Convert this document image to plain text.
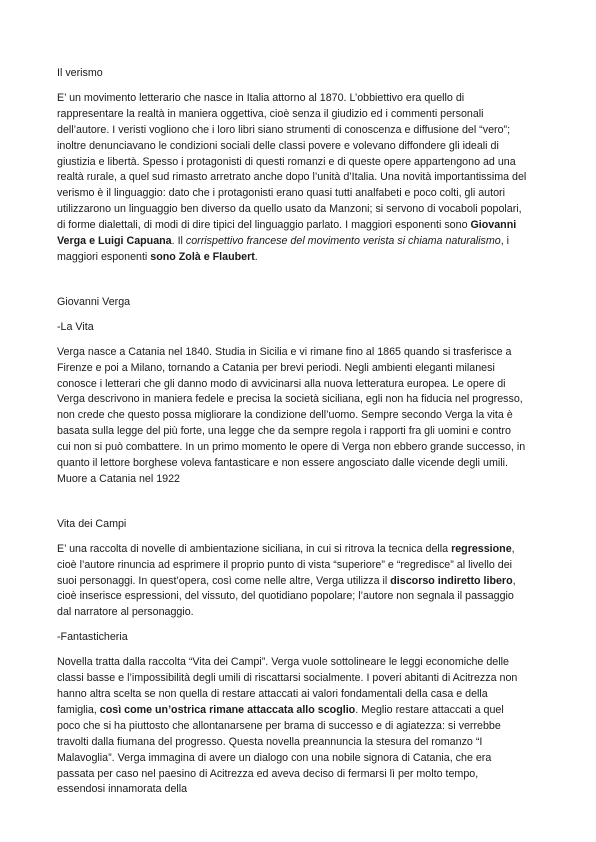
Il verismo

E’ un movimento letterario che nasce in Italia attorno al 1870. L’obbiettivo era quello di rappresentare la realtà in maniera oggettiva, cioè senza il giudizio ed i commenti personali dell’autore. I veristi vogliono che i loro libri siano strumenti di conoscenza e diffusione del “vero”; inoltre denunciavano le condizioni sociali delle classi povere e volevano diffondere gli ideali di giustizia e libertà. Spesso i protagonisti di questi romanzi e di queste opere appartengono ad una realtà rurale, a quel sud rimasto arretrato anche dopo l’unità d’Italia. Una novità importantissima del verismo è il linguaggio: dato che i protagonisti erano quasi tutti analfabeti e poco colti, gli autori utilizzarono un linguaggio ben diverso da quello usato da Manzoni; si servono di vocaboli popolari, di forme dialettali, di modi di dire tipici del linguaggio parlato. I maggiori esponenti sono Giovanni Verga e Luigi Capuana. Il corrispettivo francese del movimento verista si chiama naturalismo, i maggiori esponenti sono Zolà e Flaubert.

Giovanni Verga

-La Vita

Verga nasce a Catania nel 1840. Studia in Sicilia e vi rimane fino al 1865 quando si trasferisce a Firenze e poi a Milano, tornando a Catania per brevi periodi. Negli ambienti eleganti milanesi conosce i letterari che gli danno modo di avvicinarsi alla nuova letteratura europea. Le opere di Verga descrivono in maniera fedele e precisa la società siciliana, egli non ha fiducia nel progresso, non crede che questo possa migliorare la condizione dell’uomo. Sempre secondo Verga la vita è basata sulla legge del più forte, una legge che da sempre regola i rapporti fra gli uomini e contro cui non si può combattere. In un primo momento le opere di Verga non ebbero grande successo, in quanto il lettore borghese voleva fantasticare e non essere angosciato dalle vicende degli umili. Muore a Catania nel 1922

Vita dei Campi

E’ una raccolta di novelle di ambientazione siciliana, in cui si ritrova la tecnica della regressione, cioè l’autore rinuncia ad esprimere il proprio punto di vista “superiore” e “regredisce” al livello dei suoi personaggi. In quest’opera, così come nelle altre, Verga utilizza il discorso indiretto libero, cioè inserisce espressioni, del vissuto, del quotidiano popolare; l’autore non segnala il passaggio dal narratore al personaggio.

-Fantasticheria

Novella tratta dalla raccolta “Vita dei Campi”. Verga vuole sottolineare le leggi economiche delle classi basse e l’impossibilità degli umili di riscattarsi socialmente. I poveri abitanti di Acitrezza non hanno altra scelta se non quella di restare attaccati ai valori fondamentali della casa e della famiglia, così come un’ostrica rimane attaccata allo scoglio. Meglio restare attaccati a quel poco che si ha piuttosto che allontanarsene per brama di successo e di agiatezza: si verrebbe travolti dalla fiumana del progresso. Questa novella preannuncia la stesura del romanzo “I Malavoglia”. Verga immagina di avere un dialogo con una nobile signora di Catania, che era passata per caso nel paesino di Acitrezza ed aveva deciso di fermarsi lì per molto tempo, essendosi innamorata della
